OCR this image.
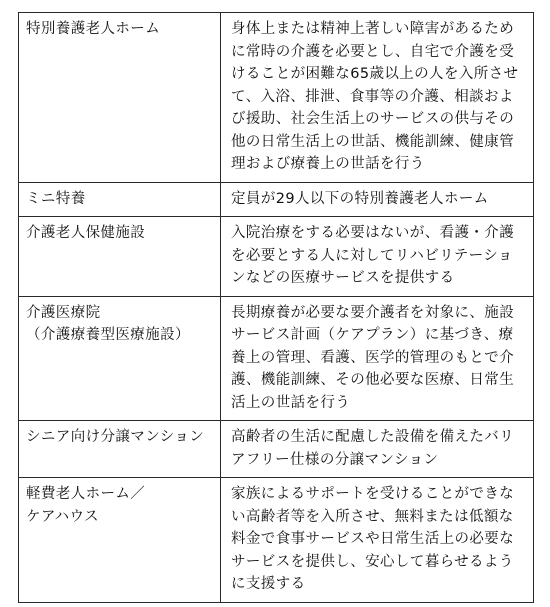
特別養護老人ホーム	身体上または精神上著しい障害があるために常時の介護を必要とし、自宅で介護を受けることが困難な65歳以上の人を入所させて、入浴、排泄、食事等の介護、相談および援助、社会生活上のサービスの供与その他の日常生活上の世話、機能訓練、健康管理および療養上の世話を行う

ミニ特養	定員が29人以下の特別養護老人ホーム

介護老人保健施設	入院治療をする必要はないが、看護・介護を必要とする人に対してリハビリテーションなどの医療サービスを提供する

介護医療院
（介護療養型医療施設）	長期療養が必要な要介護者を対象に、施設サービス計画（ケアプラン）に基づき、療養上の管理、看護、医学的管理のもとで介護、機能訓練、その他必要な医療、日常生活上の世話を行う

シニア向け分譲マンション	高齢者の生活に配慮した設備を備えたバリアフリー仕様の分譲マンション

軽費老人ホーム／
ケアハウス	家族によるサポートを受けることができない高齢者等を入所させ、無料または低額な料金で食事サービスや日常生活上の必要なサービスを提供し、安心して暮らせるように支援する
